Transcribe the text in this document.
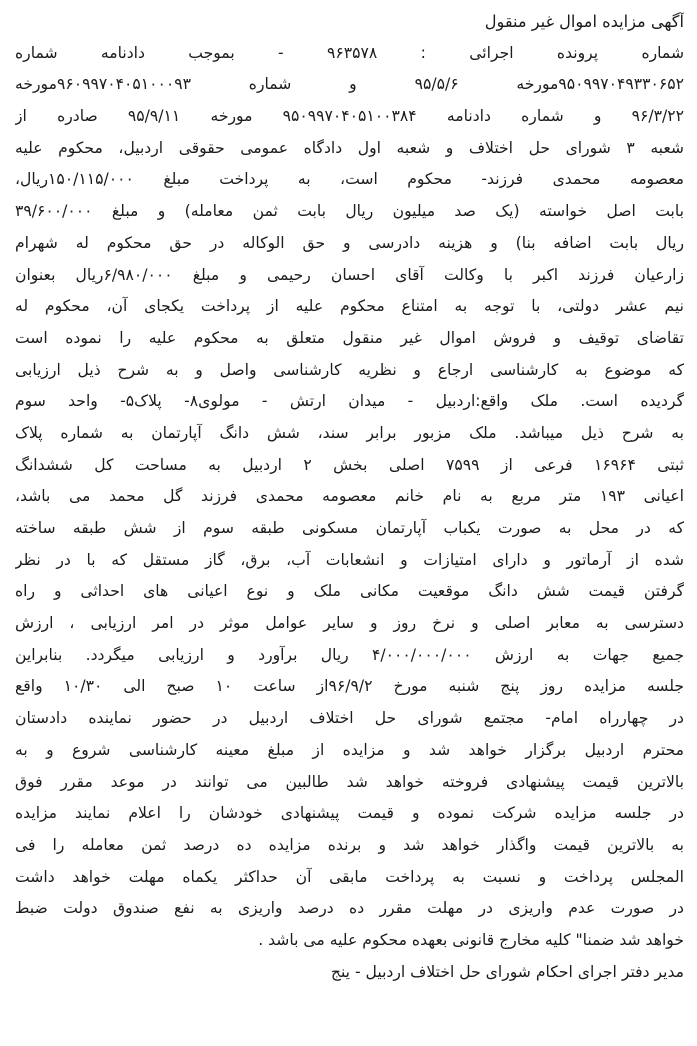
آگهی مزایده اموال غیر منقول
شماره پرونده اجرائی : ۹۶۳۵۷۸ - بموجب دادنامه شماره
۹۵۰۹۹۷۰۴۹۳۳۰۶۵۲مورخه ۹۵/۵/۶ و شماره ۹۶۰۹۹۷۰۴۰۵۱۰۰۰۹۳مورخه
۹۶/۳/۲۲ و شماره دادنامه ۹۵۰۹۹۷۰۴۰۵۱۰۰۳۸۴ مورخه ۹۵/۹/۱۱ صادره از
شعبه ۳ شورای حل اختلاف و شعبه اول دادگاه عمومی حقوقی اردبیل، محکوم علیه
معصومه محمدی فرزند- محکوم است، به پرداخت مبلغ ۱۵۰/۱۱۵/۰۰۰ریال،
بابت اصل خواسته (یک صد میلیون ریال بابت ثمن معامله) و مبلغ ۳۹/۶۰۰/۰۰۰
ریال بابت اضافه بنا) و هزینه دادرسی و حق الوکاله در حق محکوم له شهرام
زارعیان فرزند اکبر با وکالت آقای احسان رحیمی و مبلغ ۶/۹۸۰/۰۰۰ریال بعنوان
نیم عشر دولتی، با توجه به امتناع محکوم علیه از پرداخت یکجای آن، محکوم له
تقاضای توقیف و فروش اموال غیر منقول متعلق به محکوم علیه را نموده است
که موضوع به کارشناسی ارجاع و نظریه کارشناسی واصل و به شرح ذیل ارزیابی
گردیده است. ملک واقع:اردبیل - میدان ارتش - مولوی۸- پلاک۵- واحد سوم
به شرح ذیل میباشد. ملک مزبور برابر سند، شش دانگ آپارتمان به شماره پلاک
ثبتی ۱۶۹۶۴ فرعی از ۷۵۹۹ اصلی بخش ۲ اردبیل به مساحت کل ششدانگ
اعیانی ۱۹۳ متر مربع به نام خانم معصومه محمدی فرزند گل محمد می باشد،
که در محل به صورت یکباب آپارتمان مسکونی طبقه سوم از شش طبقه ساخته
شده از آرماتور و دارای امتیازات و انشعابات آب، برق، گاز مستقل که با در نظر
گرفتن قیمت شش دانگ موقعیت مکانی ملک و نوع اعیانی های احداثی و راه
دسترسی به معابر اصلی و نرخ روز و سایر عوامل موثر در امر ارزیابی ، ارزش
جمیع جهات به ارزش ۴/۰۰۰/۰۰۰/۰۰۰ ریال برآورد و ارزیابی میگردد. بنابراین
جلسه مزایده روز پنج شنبه مورخ ۹۶/۹/۲از ساعت ۱۰ صبح الی ۱۰/۳۰ واقع
در چهارراه امام- مجتمع شورای حل اختلاف اردبیل در حضور نماینده دادستان
محترم اردبیل برگزار خواهد شد و مزایده از مبلغ معینه کارشناسی شروع و به
بالاترین قیمت پیشنهادی فروخته خواهد شد طالبین می توانند در موعد مقرر فوق
در جلسه مزایده شرکت نموده و قیمت پیشنهادی خودشان را اعلام نمایند مزایده
به بالاترین قیمت واگذار خواهد شد و برنده مزایده ده درصد ثمن معامله را فی
المجلس پرداخت و نسبت به پرداخت مابقی آن حداکثر یکماه مهلت خواهد داشت
در صورت عدم واریزی در مهلت مقرر ده درصد واریزی به نفع صندوق دولت ضبط
خواهد شد ضمنا" کلیه مخارج قانونی بعهده محکوم علیه می باشد .
مدیر دفتر اجرای احکام شورای حل اختلاف اردبیل - ینج
